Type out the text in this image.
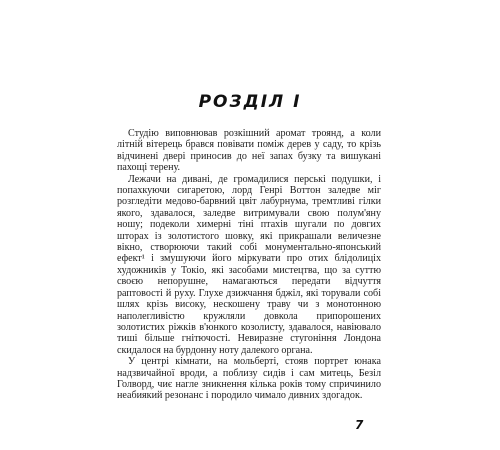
РОЗДІЛ I

Студію виповнював розкішний аромат троянд, а коли літній вітерець брався повівати поміж дерев у саду, то крізь відчинені двері приносив до неї запах бузку та вишуканi пахощі терену.

Лежачи на дивані, де громадилися перські подушки, і попахкуючи сигаретою, лорд Генрі Воттон заледве міг розгледіти медово-барвний цвіт лабурнума, тремтливі гілки якого, здавалося, заледве витримували свою полум'яну ношу; подеколи химерні тіні птахів шугали по довгих шторах із золотистого шовку, які прикрашали величезне вікно, створюючи такий собі монументально-японський ефект¹ і змушуючи його міркувати про отих блідолиціх художників у Токіо, які засобами мистецтва, що за суттю своєю непорушне, намагаються передати відчуття раптовості й руху. Глухе дзижчання бджіл, які торували собі шлях крізь високу, нескошену траву чи з монотонною наполегливістю кружляли довкола припорошених золотистих ріжків в'юнкого козолисту, здавалося, навіювало тишi більше гнітючості. Невиразне стугоніння Лондона скидалося на бурдонну ноту далекого органа.

У центрі кімнати, на мольберті, стояв портрет юнака надзвичайної вроди, а поблизу сидів і сам митець, Безіл Голворд, чиє нагле зникнення кілька років тому спричинило неабиякий резонанс і породило чимало дивних здогадок.

7
